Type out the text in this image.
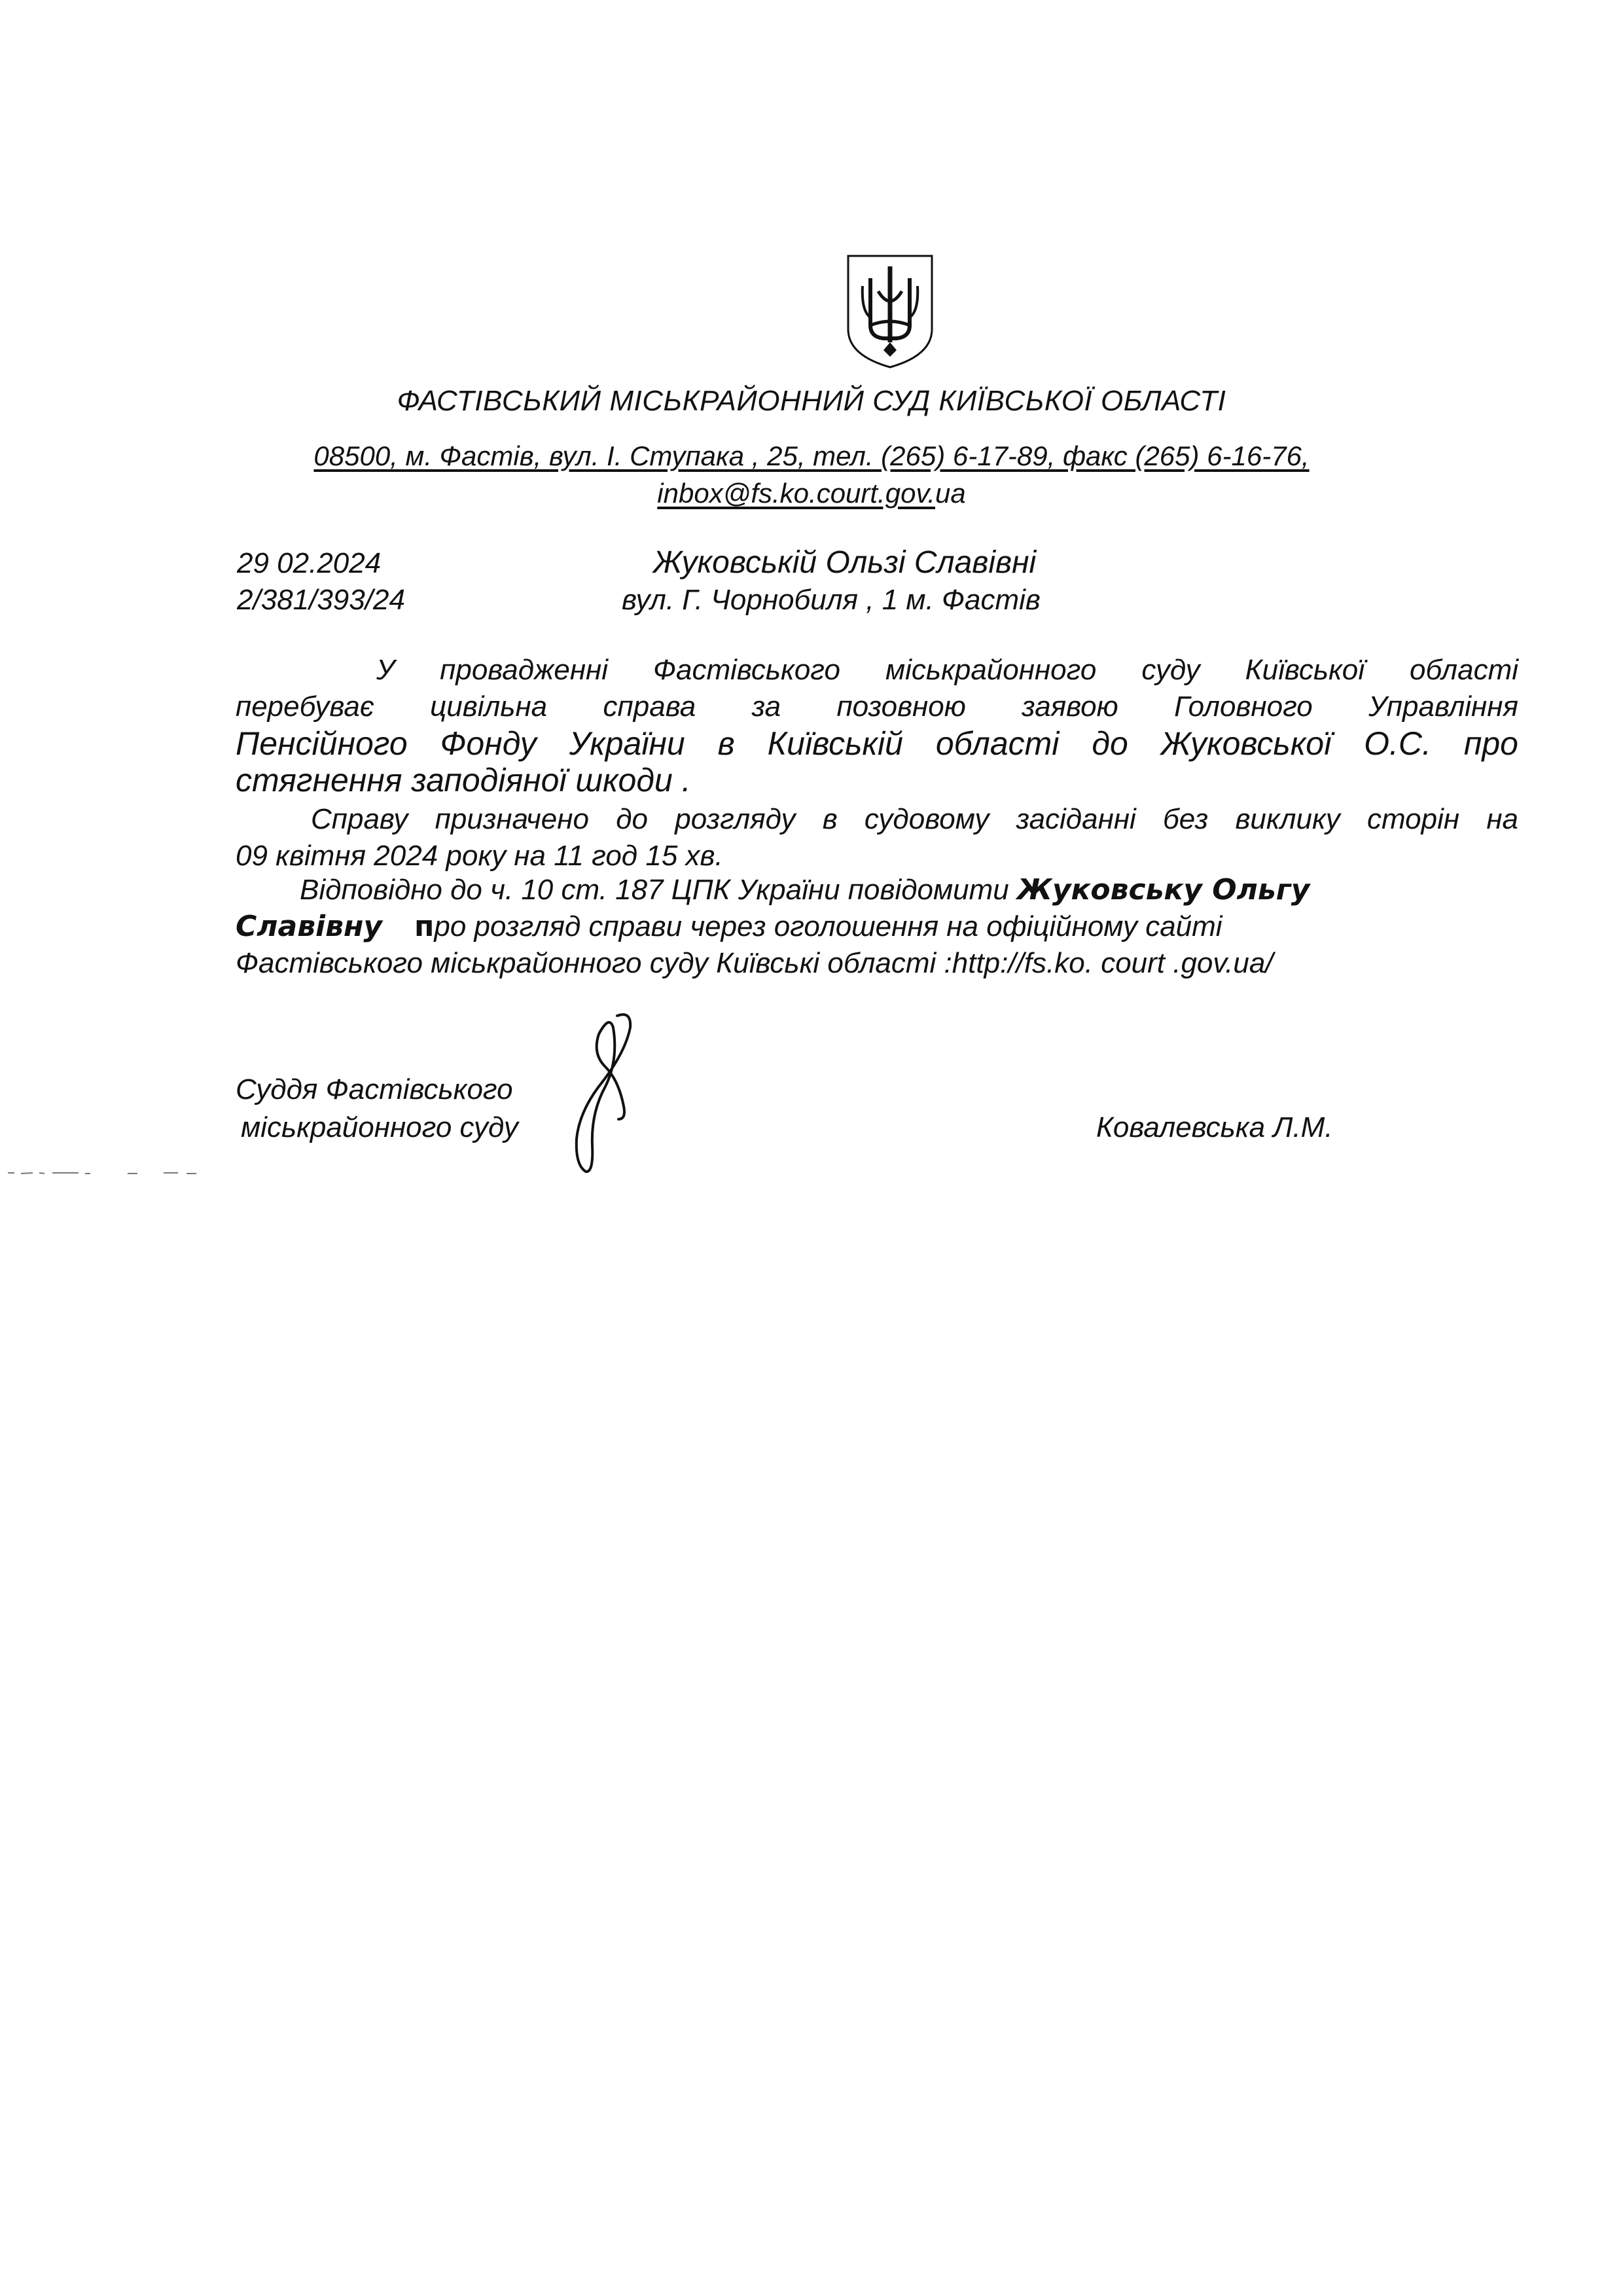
ФАСТІВСЬКИЙ МІСЬКРАЙОННИЙ СУД КИЇВСЬКОЇ ОБЛАСТІ
08500, м. Фастів, вул. І. Ступака , 25, тел. (265) 6-17-89, факс (265) 6-16-76,
inbox@fs.ko.court.gov.ua
29 02.2024
2/381/393/24
Жуковській Ользі Славівні
вул. Г. Чорнобиля , 1 м. Фастів
У провадженні Фастівського міськрайонного суду Київської області
перебуває цивільна справа за позовною заявою Головного Управління
Пенсійного Фонду України в Київській області до Жуковської О.С. про
стягнення заподіяної шкоди .
Справу призначено до розгляду в судовому засіданні без виклику сторін на
09 квітня 2024 року на 11 год 15 хв.
Відповідно до ч. 10 ст. 187 ЦПК України повідомити Жуковську Ольгу
Славівну про розгляд справи через оголошення на офіційному сайті
Фастівського міськрайонного суду Київські області :http://fs.ko. court .gov.ua/
Суддя Фастівського
міськрайонного суду	Ковалевська Л.М.
